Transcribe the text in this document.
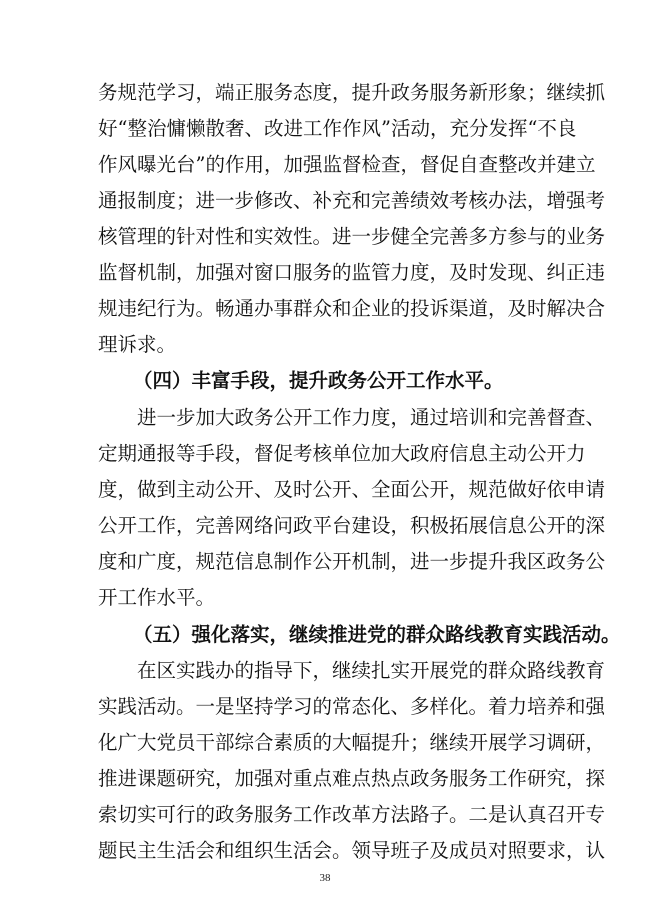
务规范学习，端正服务态度，提升政务服务新形象；继续抓
好“整治慵懒散奢、改进工作作风”活动，充分发挥“不良
作风曝光台”的作用，加强监督检查，督促自查整改并建立
通报制度；进一步修改、补充和完善绩效考核办法，增强考
核管理的针对性和实效性。进一步健全完善多方参与的业务
监督机制，加强对窗口服务的监管力度，及时发现、纠正违
规违纪行为。畅通办事群众和企业的投诉渠道，及时解决合
理诉求。
（四）丰富手段，提升政务公开工作水平。
进一步加大政务公开工作力度，通过培训和完善督查、
定期通报等手段，督促考核单位加大政府信息主动公开力
度，做到主动公开、及时公开、全面公开，规范做好依申请
公开工作，完善网络问政平台建设，积极拓展信息公开的深
度和广度，规范信息制作公开机制，进一步提升我区政务公
开工作水平。
（五）强化落实，继续推进党的群众路线教育实践活动。
在区实践办的指导下，继续扎实开展党的群众路线教育
实践活动。一是坚持学习的常态化、多样化。着力培养和强
化广大党员干部综合素质的大幅提升；继续开展学习调研，
推进课题研究，加强对重点难点热点政务服务工作研究，探
索切实可行的政务服务工作改革方法路子。二是认真召开专
题民主生活会和组织生活会。领导班子及成员对照要求，认
38
